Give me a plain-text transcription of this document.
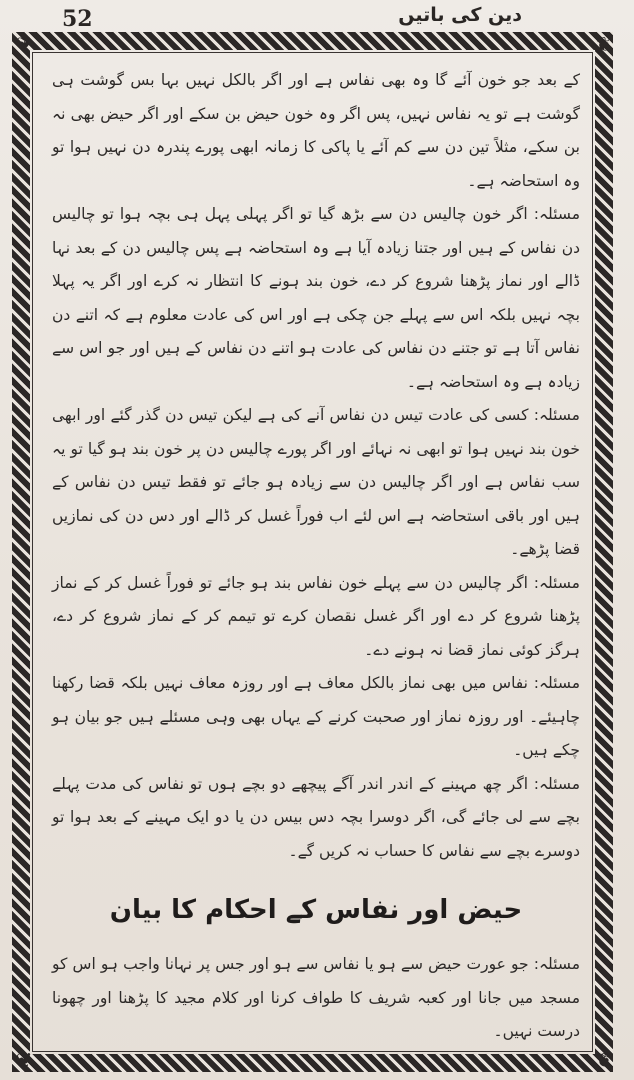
52	دین کی باتیں
❦	❦
❦	❦

کے بعد جو خون آئے گا وہ بھی نفاس ہے اور اگر بالکل نہیں بہا بس گوشت ہی گوشت ہے تو یہ نفاس نہیں، پس اگر وہ خون حیض بن سکے اور اگر حیض بھی نہ بن سکے، مثلاً تین دن سے کم آئے یا پاکی کا زمانہ ابھی پورے پندرہ دن نہیں ہوا تو وہ استحاضہ ہے۔

مسئلہ: اگر خون چالیس دن سے بڑھ گیا تو اگر پہلی پہل ہی بچہ ہوا تو چالیس دن نفاس کے ہیں اور جتنا زیادہ آیا ہے وہ استحاضہ ہے پس چالیس دن کے بعد نہا ڈالے اور نماز پڑھنا شروع کر دے، خون بند ہونے کا انتظار نہ کرے اور اگر یہ پہلا بچہ نہیں بلکہ اس سے پہلے جن چکی ہے اور اس کی عادت معلوم ہے کہ اتنے دن نفاس آتا ہے تو جتنے دن نفاس کی عادت ہو اتنے دن نفاس کے ہیں اور جو اس سے زیادہ ہے وہ استحاضہ ہے۔

مسئلہ: کسی کی عادت تیس دن نفاس آنے کی ہے لیکن تیس دن گذر گئے اور ابھی خون بند نہیں ہوا تو ابھی نہ نہائے اور اگر پورے چالیس دن پر خون بند ہو گیا تو یہ سب نفاس ہے اور اگر چالیس دن سے زیادہ ہو جائے تو فقط تیس دن نفاس کے ہیں اور باقی استحاضہ ہے اس لئے اب فوراً غسل کر ڈالے اور دس دن کی نمازیں قضا پڑھے۔

مسئلہ: اگر چالیس دن سے پہلے خون نفاس بند ہو جائے تو فوراً غسل کر کے نماز پڑھنا شروع کر دے اور اگر غسل نقصان کرے تو تیمم کر کے نماز شروع کر دے، ہرگز کوئی نماز قضا نہ ہونے دے۔

مسئلہ: نفاس میں بھی نماز بالکل معاف ہے اور روزہ معاف نہیں بلکہ قضا رکھنا چاہیئے۔ اور روزہ نماز اور صحبت کرنے کے یہاں بھی وہی مسئلے ہیں جو بیان ہو چکے ہیں۔

مسئلہ: اگر چھ مہینے کے اندر اندر آگے پیچھے دو بچے ہوں تو نفاس کی مدت پہلے بچے سے لی جائے گی، اگر دوسرا بچہ دس بیس دن یا دو ایک مہینے کے بعد ہوا تو دوسرے بچے سے نفاس کا حساب نہ کریں گے۔

حیض اور نفاس کے احکام کا بیان

مسئلہ: جو عورت حیض سے ہو یا نفاس سے ہو اور جس پر نہانا واجب ہو اس کو مسجد میں جانا اور کعبہ شریف کا طواف کرنا اور کلام مجید کا پڑھنا اور چھونا درست نہیں۔
